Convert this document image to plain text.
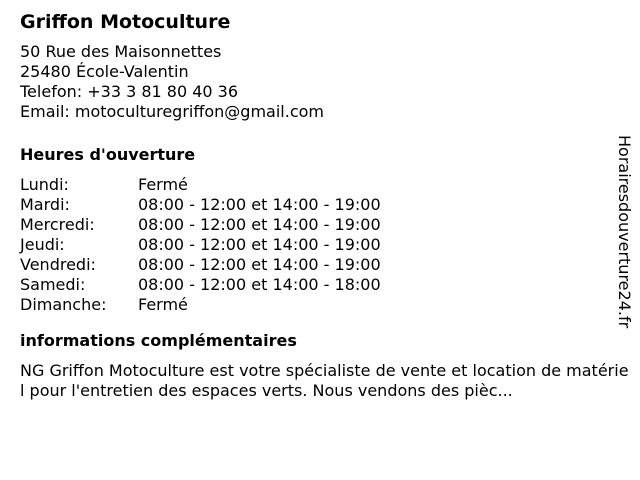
Griffon Motoculture
50 Rue des Maisonnettes
25480 École-Valentin
Telefon: +33 3 81 80 40 36
Email: motoculturegriffon@gmail.com
Heures d'ouverture
Lundi:	Fermé
Mardi:	08:00 - 12:00 et 14:00 - 19:00
Mercredi:	08:00 - 12:00 et 14:00 - 19:00
Jeudi:	08:00 - 12:00 et 14:00 - 19:00
Vendredi:	08:00 - 12:00 et 14:00 - 19:00
Samedi:	08:00 - 12:00 et 14:00 - 18:00
Dimanche: Fermé
informations complémentaires
NG Griffon Motoculture est votre spécialiste de vente et location de matériel pour l'entretien des espaces verts. Nous vendons des pièc...
Horairesdouverture24.fr
